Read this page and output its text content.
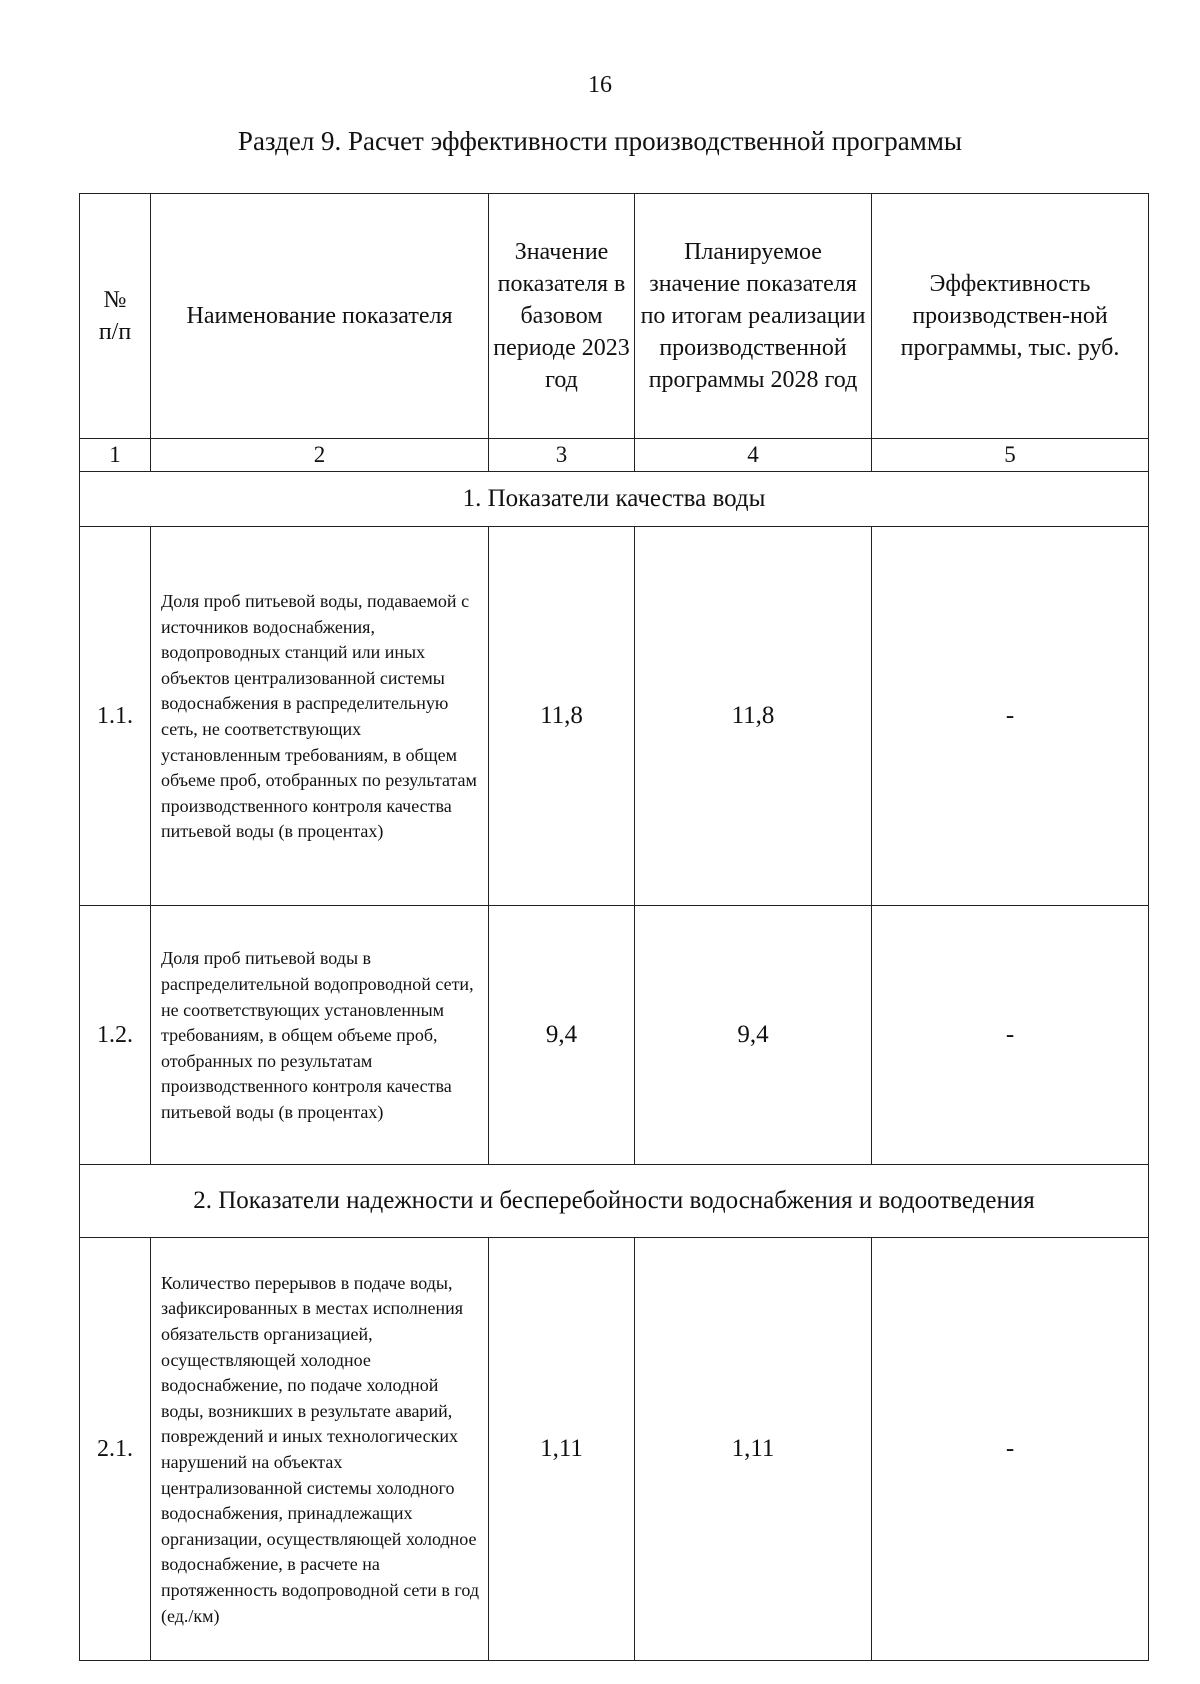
16
Раздел 9. Расчет эффективности производственной программы
№ п/п	Наименование показателя	Значение показателя в базовом периоде 2023 год	Планируемое значение показателя по итогам реализации производственной программы 2028 год	Эффективность производствен-ной программы, тыс. руб.
1	2	3	4	5
1. Показатели качества воды				
1.1.	Доля проб питьевой воды, подаваемой с источников водоснабжения, водопроводных станций или иных объектов централизованной системы водоснабжения в распределительную сеть, не соответствующих установленным требованиям, в общем объеме проб, отобранных по результатам производственного контроля качества питьевой воды (в процентах)	11,8	11,8	-
1.2.	Доля проб питьевой воды в распределительной водопроводной сети, не соответствующих установленным требованиям, в общем объеме проб, отобранных по результатам производственного контроля качества питьевой воды (в процентах)	9,4	9,4	-
2. Показатели надежности и бесперебойности водоснабжения и водоотведения				
2.1.	Количество перерывов в подаче воды, зафиксированных в местах исполнения обязательств организацией, осуществляющей холодное водоснабжение, по подаче холодной воды, возникших в результате аварий, повреждений и иных технологических нарушений на объектах централизованной системы холодного водоснабжения, принадлежащих организации, осуществляющей холодное водоснабжение, в расчете на протяженность водопроводной сети в год (ед./км)	1,11	1,11	-
